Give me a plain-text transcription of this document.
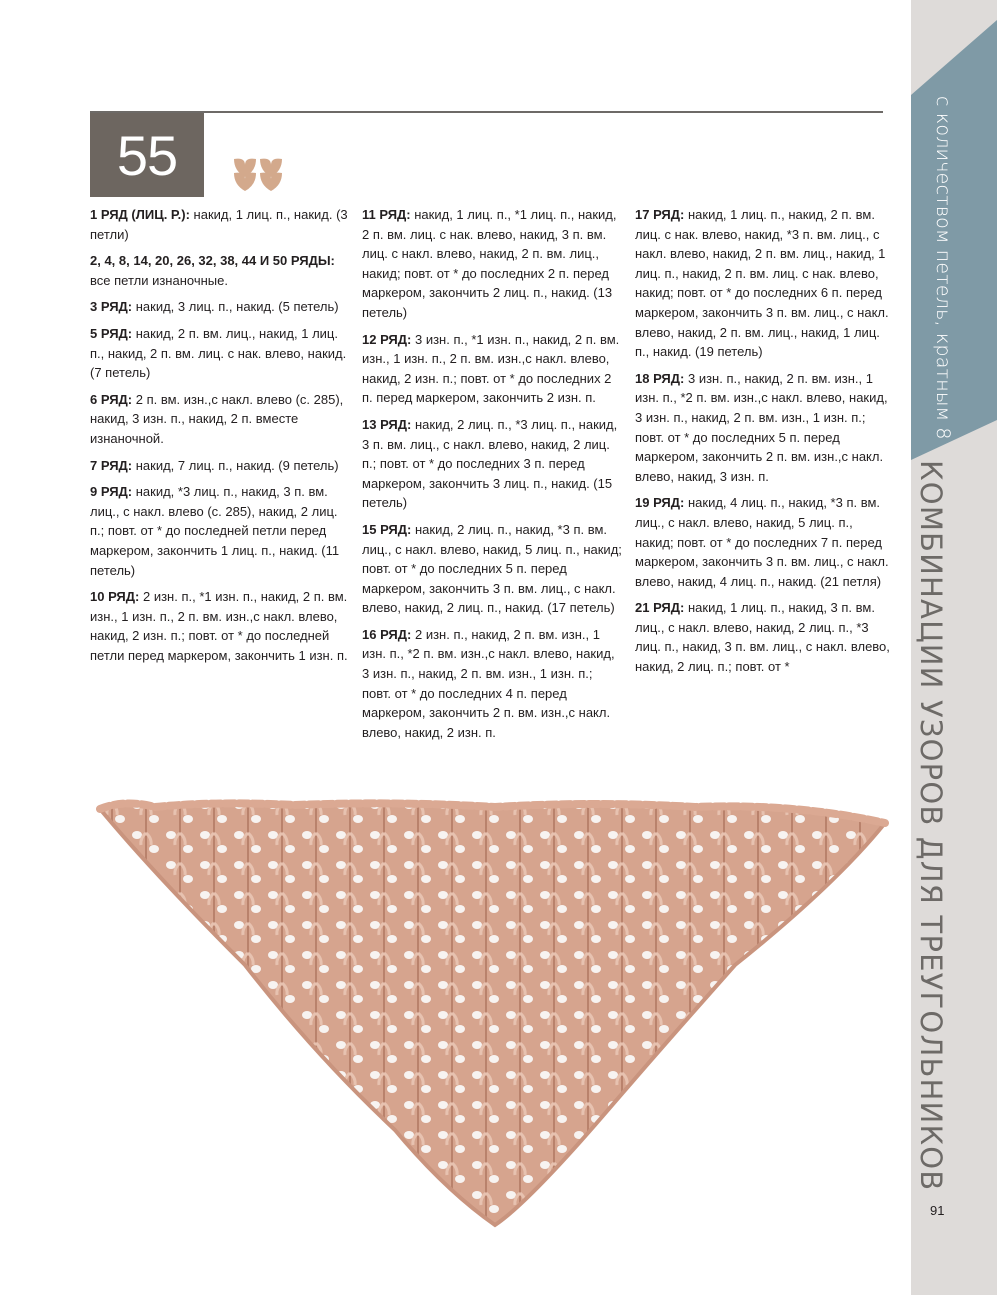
55

1 РЯД (ЛИЦ. Р.): накид, 1 лиц. п., накид. (3 петли)

2, 4, 8, 14, 20, 26, 32, 38, 44 И 50 РЯДЫ: все петли изнаночные.

3 РЯД: накид, 3 лиц. п., накид. (5 петель)

5 РЯД: накид, 2 п. вм. лиц., накид, 1 лиц. п., накид, 2 п. вм. лиц. с нак. влево, накид. (7 петель)

6 РЯД: 2 п. вм. изн.,с накл. влево (с. 285), накид, 3 изн. п., накид, 2 п. вместе изнаночной.

7 РЯД: накид, 7 лиц. п., накид. (9 петель)

9 РЯД: накид, *3 лиц. п., накид, 3 п. вм. лиц., с накл. влево (с. 285), накид, 2 лиц. п.; повт. от * до последней петли перед маркером, закончить 1 лиц. п., накид. (11 петель)

10 РЯД: 2 изн. п., *1 изн. п., накид, 2 п. вм. изн., 1 изн. п., 2 п. вм. изн.,с накл. влево, накид, 2 изн. п.; повт. от * до последней петли перед маркером, закончить 1 изн. п.

11 РЯД: накид, 1 лиц. п., *1 лиц. п., накид, 2 п. вм. лиц. с нак. влево, накид, 3 п. вм. лиц. с накл. влево, накид, 2 п. вм. лиц., накид; повт. от * до последних 2 п. перед маркером, закончить 2 лиц. п., накид. (13 петель)

12 РЯД: 3 изн. п., *1 изн. п., накид, 2 п. вм. изн., 1 изн. п., 2 п. вм. изн.,с накл. влево, накид, 2 изн. п.; повт. от * до последних 2 п. перед маркером, закончить 2 изн. п.

13 РЯД: накид, 2 лиц. п., *3 лиц. п., накид, 3 п. вм. лиц., с накл. влево, накид, 2 лиц. п.; повт. от * до последних 3 п. перед маркером, закончить 3 лиц. п., накид. (15 петель)

15 РЯД: накид, 2 лиц. п., накид, *3 п. вм. лиц., с накл. влево, накид, 5 лиц. п., накид; повт. от * до последних 5 п. перед маркером, закончить 3 п. вм. лиц., с накл. влево, накид, 2 лиц. п., накид. (17 петель)

16 РЯД: 2 изн. п., накид, 2 п. вм. изн., 1 изн. п., *2 п. вм. изн.,с накл. влево, накид, 3 изн. п., накид, 2 п. вм. изн., 1 изн. п.; повт. от * до последних 4 п. перед маркером, закончить 2 п. вм. изн.,с накл. влево, накид, 2 изн. п.

17 РЯД: накид, 1 лиц. п., накид, 2 п. вм. лиц. с нак. влево, накид, *3 п. вм. лиц., с накл. влево, накид, 2 п. вм. лиц., накид, 1 лиц. п., накид, 2 п. вм. лиц. с нак. влево, накид; повт. от * до последних 6 п. перед маркером, закончить 3 п. вм. лиц., с накл. влево, накид, 2 п. вм. лиц., накид, 1 лиц. п., накид. (19 петель)

18 РЯД: 3 изн. п., накид, 2 п. вм. изн., 1 изн. п., *2 п. вм. изн.,с накл. влево, накид, 3 изн. п., накид, 2 п. вм. изн., 1 изн. п.; повт. от * до последних 5 п. перед маркером, закончить 2 п. вм. изн.,с накл. влево, накид, 3 изн. п.

19 РЯД: накид, 4 лиц. п., накид, *3 п. вм. лиц., с накл. влево, накид, 5 лиц. п., накид; повт. от * до последних 7 п. перед маркером, закончить 3 п. вм. лиц., с накл. влево, накид, 4 лиц. п., накид. (21 петля)

21 РЯД: накид, 1 лиц. п., накид, 3 п. вм. лиц., с накл. влево, накид, 2 лиц. п., *3 лиц. п., накид, 3 п. вм. лиц., с накл. влево, накид, 2 лиц. п.; повт. от *

с количеством петель, кратным 8
КОМБИНАЦИИ УЗОРОВ ДЛЯ ТРЕУГОЛЬНИКОВ
91
